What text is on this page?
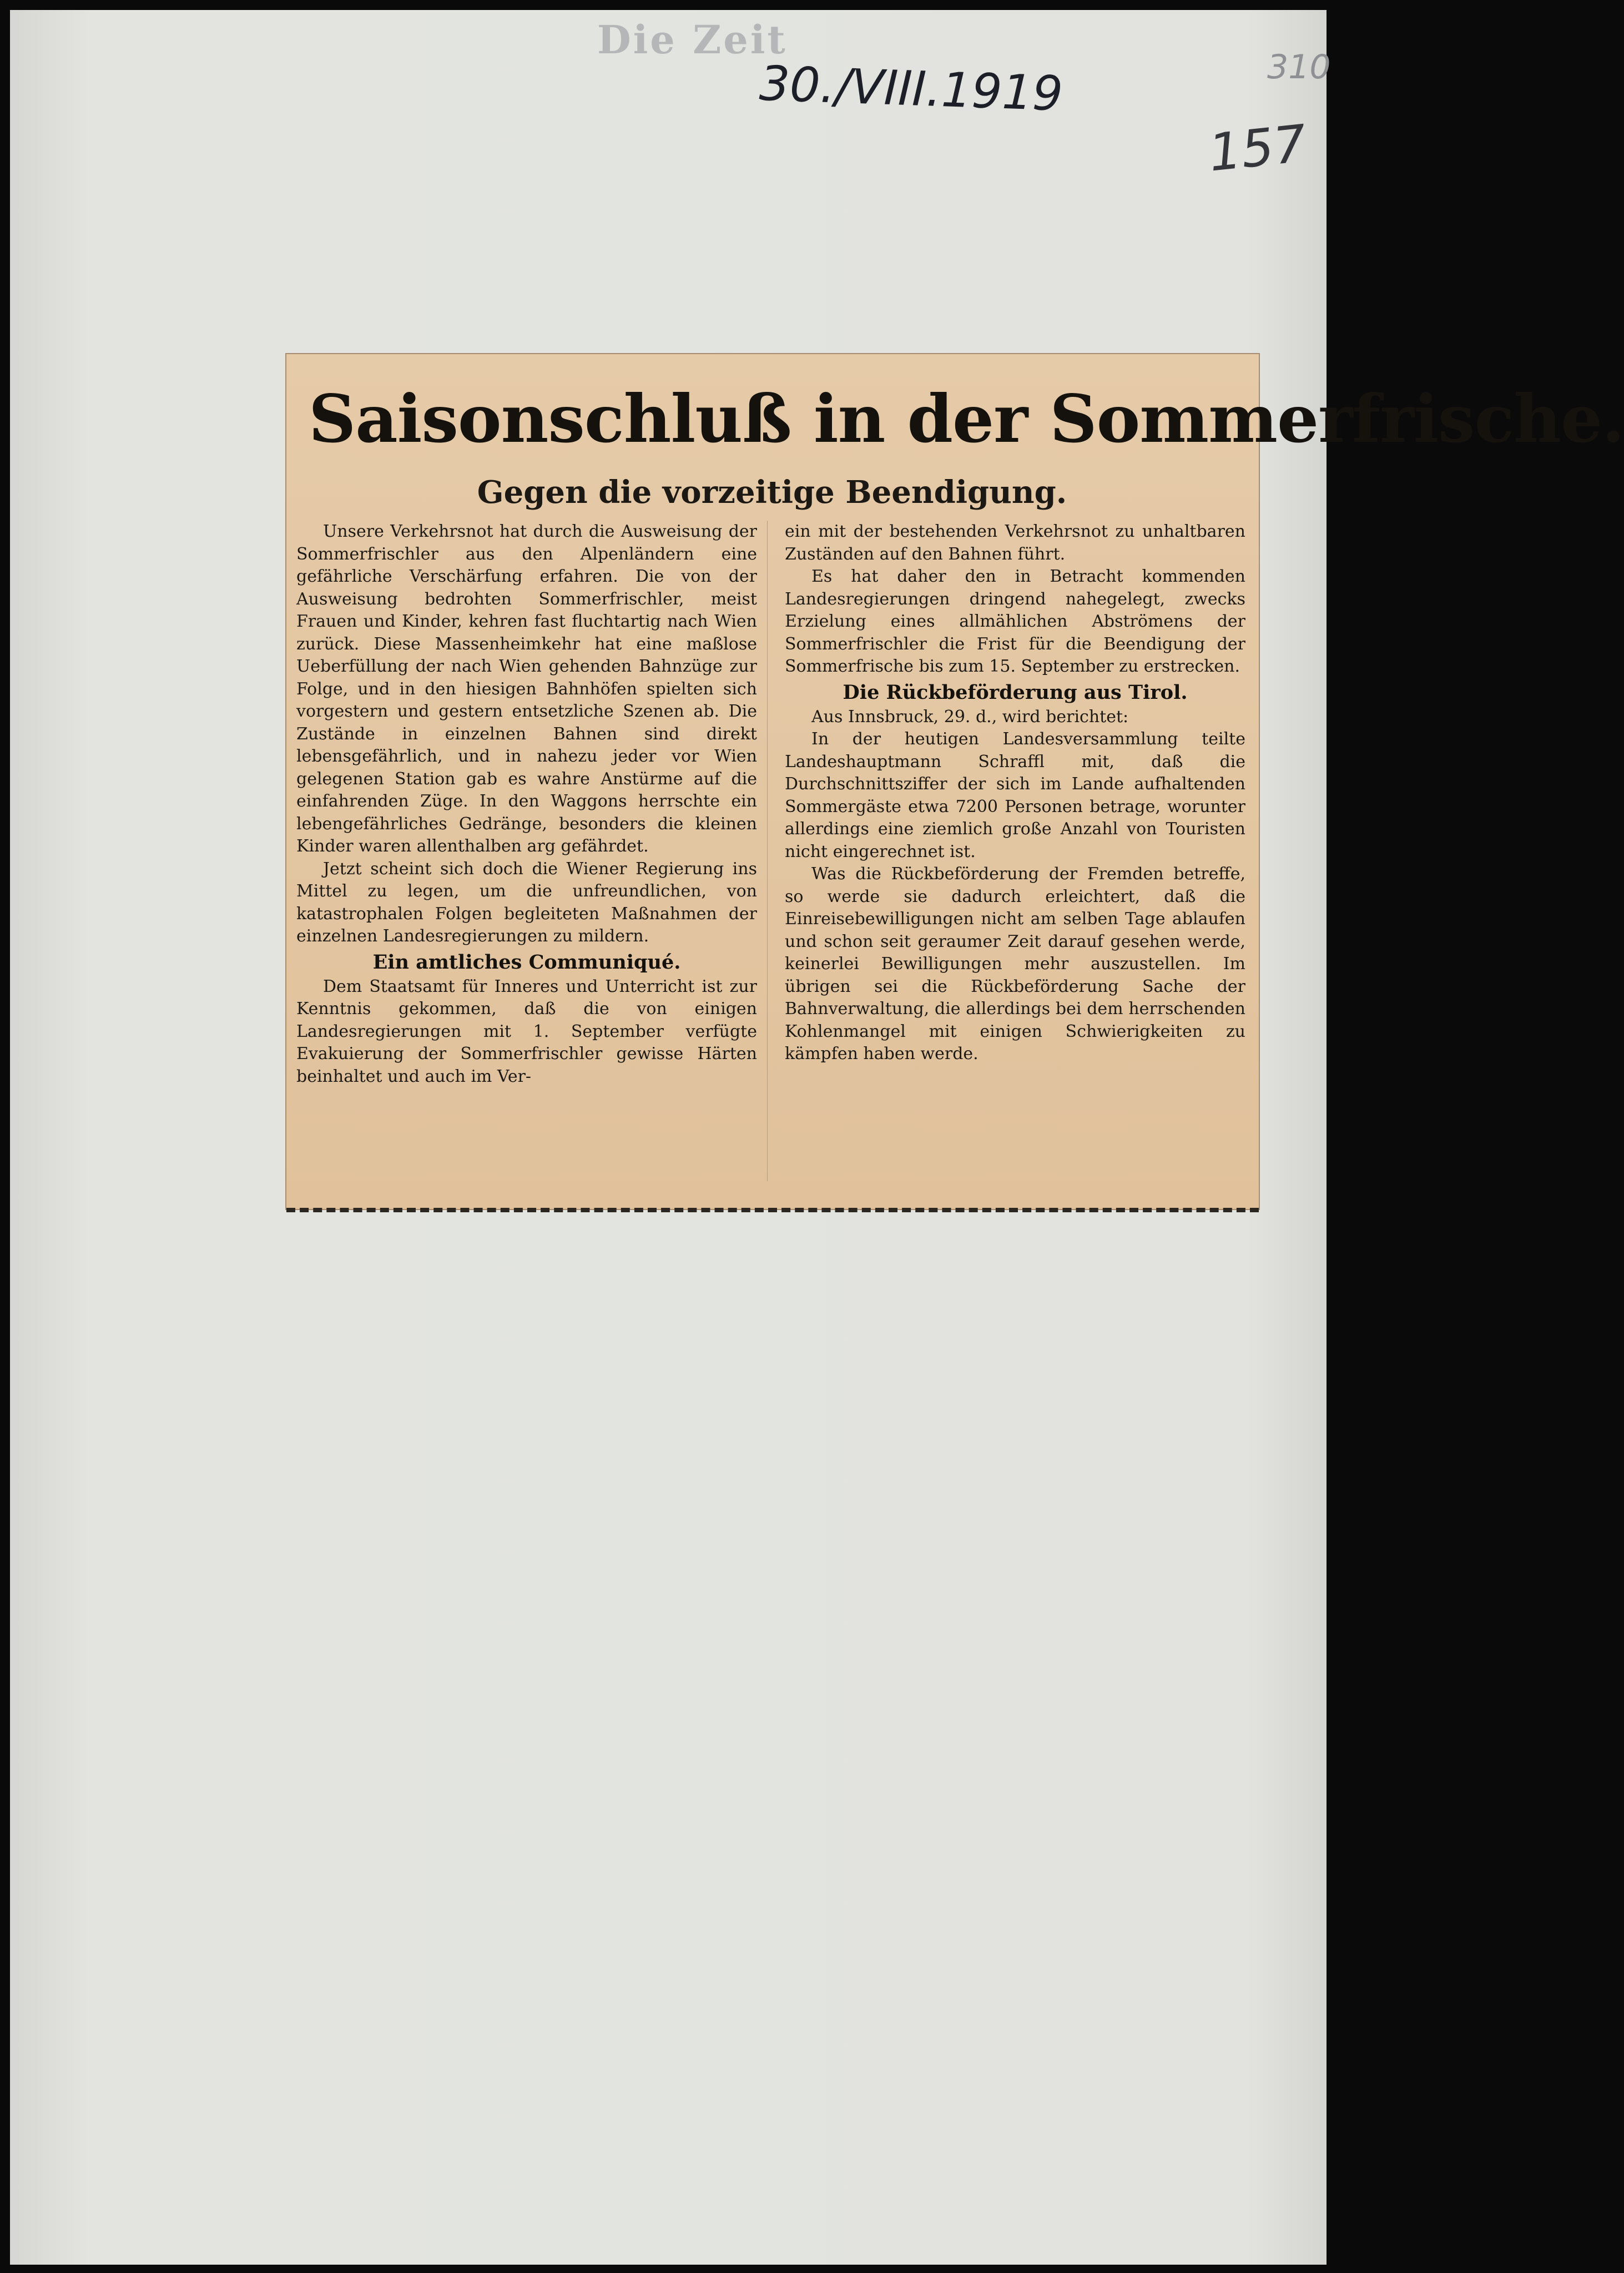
Die Zeit
30./VIII.1919
157
310
Saisonschluß in der Sommerfrische.
Gegen die vorzeitige Beendigung.

Unsere Verkehrsnot hat durch die Ausweisung der Sommerfrischler aus den Alpenländern eine gefährliche Verschärfung erfahren. Die von der Ausweisung bedrohten Sommerfrischler, meist Frauen und Kinder, kehren fast fluchtartig nach Wien zurück. Diese Massenheimkehr hat eine maßlose Ueberfüllung der nach Wien gehenden Bahnzüge zur Folge, und in den hiesigen Bahnhöfen spielten sich vorgestern und gestern entsetzliche Szenen ab. Die Zustände in einzelnen Bahnen sind direkt lebensgefährlich, und in nahezu jeder vor Wien gelegenen Station gab es wahre Anstürme auf die einfahrenden Züge. In den Waggons herrschte ein lebengefährliches Gedränge, besonders die kleinen Kinder waren allenthalben arg gefährdet.

Jetzt scheint sich doch die Wiener Regierung ins Mittel zu legen, um die unfreundlichen, von katastrophalen Folgen begleiteten Maßnahmen der einzelnen Landesregierungen zu mildern.

Ein amtliches Communiqué.

Dem Staatsamt für Inneres und Unterricht ist zur Kenntnis gekommen, daß die von einigen Landesregierungen mit 1. September verfügte Evakuierung der Sommerfrischler gewisse Härten beinhaltet und auch im Ver-

ein mit der bestehenden Verkehrsnot zu unhaltbaren Zuständen auf den Bahnen führt.

Es hat daher den in Betracht kommenden Landesregierungen dringend nahegelegt, zwecks Erzielung eines allmählichen Abströmens der Sommerfrischler die Frist für die Beendigung der Sommerfrische bis zum 15. September zu erstrecken.

Die Rückbeförderung aus Tirol.

Aus Innsbruck, 29. d., wird berichtet:

In der heutigen Landesversammlung teilte Landeshauptmann Schraffl mit, daß die Durchschnittsziffer der sich im Lande aufhaltenden Sommergäste etwa 7200 Personen betrage, worunter allerdings eine ziemlich große Anzahl von Touristen nicht eingerechnet ist.

Was die Rückbeförderung der Fremden betreffe, so werde sie dadurch erleichtert, daß die Einreisebewilligungen nicht am selben Tage ablaufen und schon seit geraumer Zeit darauf gesehen werde, keinerlei Bewilligungen mehr auszustellen. Im übrigen sei die Rückbeförderung Sache der Bahnverwaltung, die allerdings bei dem herrschenden Kohlenmangel mit einigen Schwierigkeiten zu kämpfen haben werde.
